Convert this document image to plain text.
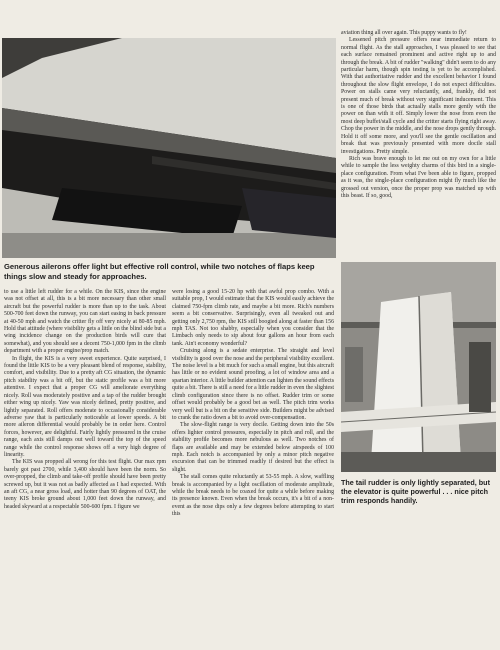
Generous ailerons offer light but effective roll control, while two notches of flaps keep things slow and steady for approaches.

to use a little left rudder for a while. On the KIS, since the engine was not offset at all, this is a bit more necessary than other small aircraft but the powerful rudder is more than up to the task. About 500-700 feet down the runway, you can start easing in back pressure at 40-50 mph and watch the critter fly off very nicely at 80-85 mph. Hold that attitude (where visibility gets a little on the blind side but a wing incidence change on the production birds will cure that somewhat), and you should see a decent 750-1,000 fpm in the climb department with a proper engine/prop match.

In flight, the KIS is a very sweet experience. Quite surprised, I found the little KIS to be a very pleasant blend of response, stability, comfort, and visibility. Due to a pretty aft CG situation, the dynamic pitch stability was a bit off, but the static profile was a bit more attentive. I expect that a proper CG will ameliorate everything nicely. Roll was moderately positive and a tap of the rudder brought either wing up nicely. Yaw was nicely defined, pretty positive, and lightly separated. Roll offers moderate to occasionally considerable adverse yaw that is particularly noticeable at lower speeds. A bit more aileron differential would probably be in order here. Control forces, however, are delightful. Fairly lightly pressured in the cruise range, each axis still damps out well toward the top of the speed range while the control response shows off a very high degree of linearity.

The KIS was propped all wrong for this test flight. Our max rpm barely got past 2700, while 3,400 should have been the norm. So over-propped, the climb and take-off profile should have been pretty screwed up, but it was not as badly affected as I had expected. With an aft CG, a near gross load, and hotter than 90 degrees of OAT, the teeny KIS broke ground about 1,000 feet down the runway, and headed skyward at a respectable 500-600 fpm. I figure we

were losing a good 15-20 hp with that awful prop combo. With a suitable prop, I would estimate that the KIS would easily achieve the claimed 750-fpm climb rate, and maybe a bit more. Rich's numbers seem a bit conservative. Surprisingly, even all tweaked out and getting only 2,750 rpm, the KIS still boogied along at faster than 156 mph TAS. Not too shabby, especially when you consider that the Limbach only needs to sip about four gallons an hour from each tank. Ain't economy wonderful?

Cruising along is a sedate enterprise. The straight and level visibility is good over the nose and the peripheral visibility excellent. The noise level is a bit much for such a small engine, but this aircraft has little or no evident sound proofing, a lot of window area and a spartan interior. A little builder attention can lighten the sound effects quite a bit. There is still a need for a little rudder in even the slightest climb configuration since there is no offset. Rudder trim or some offset would probably be a good bet as well. The pitch trim works very well but is a bit on the sensitive side. Builders might be advised to crank the ratio down a bit to avoid over-compensation.

The slow-flight range is very docile. Getting down into the 50s offers lighter control pressures, especially in pitch and roll, and the stability profile becomes more nebulous as well. Two notches of flaps are available and may be extended below airspeeds of 100 mph. Each notch is accompanied by only a minor pitch negative excursion that can be trimmed readily if desired but the effect is slight.

The stall comes quite reluctantly at 53-55 mph. A slow, waffling break is accompanied by a light oscillation of moderate amplitude, while the break needs to be coaxed for quite a while before making its presence known. Even when the break occurs, it's a bit of a non-event as the nose dips only a few degrees before attempting to start this

aviation thing all over again. This puppy wants to fly!

Lessened pitch pressure offers near immediate return to normal flight. As the stall approaches, I was pleased to see that each surface remained prominent and active right up to and through the break. A bit of rudder "walking" didn't seem to do any particular harm, though spin testing is yet to be accomplished. With that authoritative rudder and the excellent behavior I found throughout the slow flight envelope, I do not expect difficulties. Power on stalls came very reluctantly, and, frankly, did not present much of break without very significant inducement. This is one of those birds that actually stalls more gently with the power on than with it off. Simply lower the nose from even the most deep buffet/stall cycle and the critter starts flying right away. Chop the power in the middle, and the nose drops gently through. Hold it off some more, and you'll see the gentle oscillation and break that was previously presented with more docile stall investigations. Pretty simple.

Rich was brave enough to let me out on my own for a little while to sample the less weighty charms of this bird in a single-place configuration. From what I've been able to figure, propped as it was, the single-place configuration might fly much like the grossed out version, once the proper prop was matched up with this beast. If so, good,

The tail rudder is only lightly separated, but the elevator is quite powerful . . . nice pitch trim responds handily.
